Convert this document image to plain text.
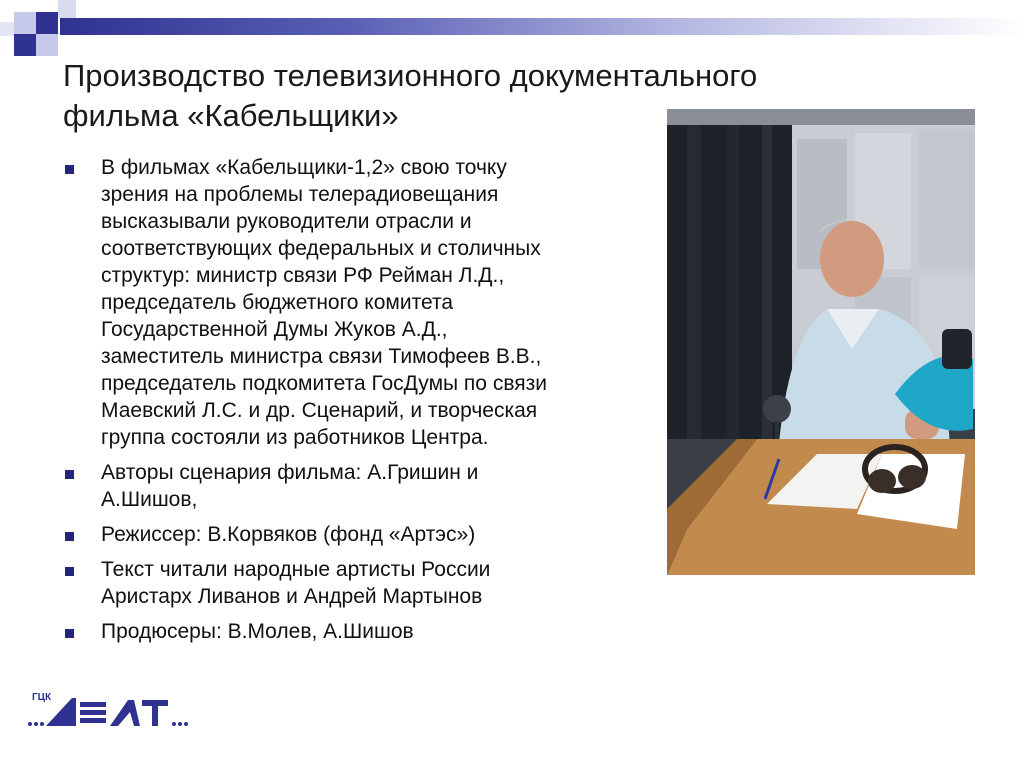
Производство телевизионного документального
фильма «Кабельщики»
В фильмах «Кабельщики-1,2» свою точку
зрения на проблемы телерадиовещания
высказывали руководители отрасли и
соответствующих федеральных и столичных
структур: министр связи РФ Рейман Л.Д.,
председатель бюджетного комитета
Государственной Думы Жуков А.Д.,
заместитель министра связи Тимофеев В.В.,
председатель подкомитета ГосДумы по связи
Маевский Л.С. и др. Сценарий, и творческая
группа состояли из работников Центра.
Авторы сценария фильма: А.Гришин и
А.Шишов,
Режиссер: В.Корвяков (фонд «Артэс»)
Текст читали народные артисты России
Аристарх Ливанов и Андрей Мартынов
Продюсеры: В.Молев, А.Шишов
ГЦК
